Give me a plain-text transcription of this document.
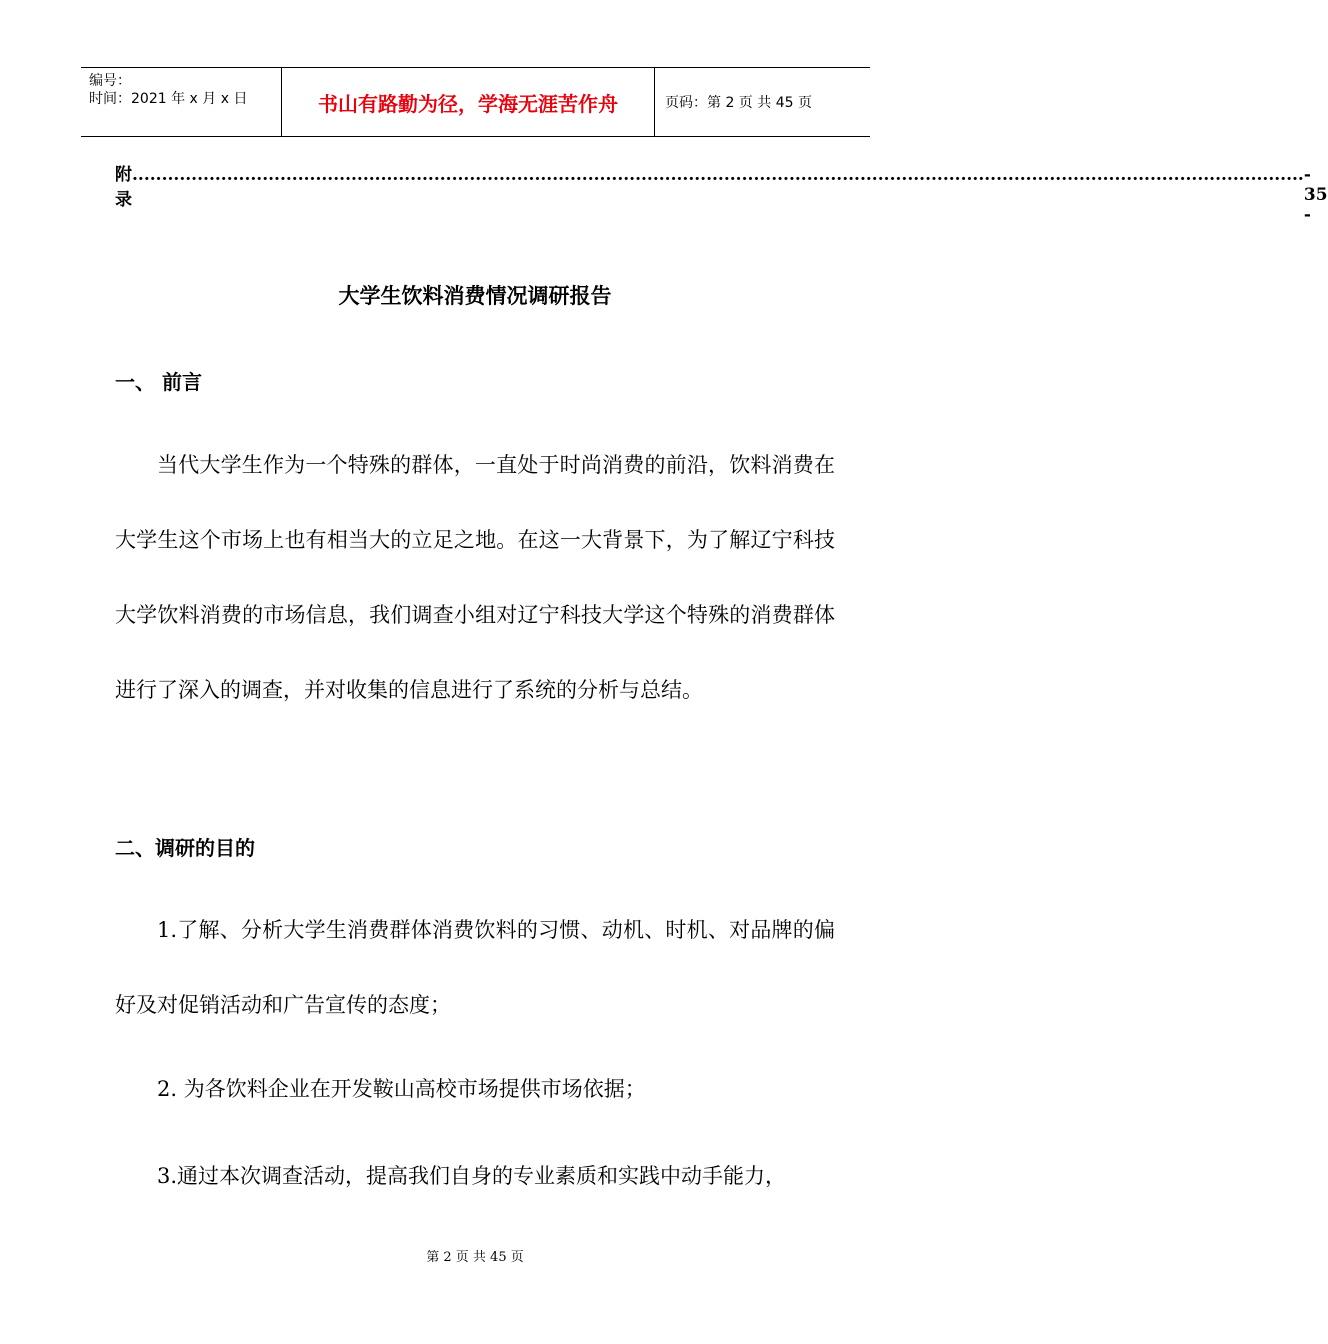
编号：
时间：2021 年 x 月 x 日	书山有路勤为径，学海无涯苦作舟	页码：第 2 页 共 45 页
附录
...................................................................................................................................................................................................... - 35 -
大学生饮料消费情况调研报告
一、 前言

当代大学生作为一个特殊的群体，一直处于时尚消费的前沿，饮料消费在大学生这个市场上也有相当大的立足之地。在这一大背景下，为了解辽宁科技大学饮料消费的市场信息，我们调查小组对辽宁科技大学这个特殊的消费群体进行了深入的调查，并对收集的信息进行了系统的分析与总结。

二、调研的目的

1.了解、分析大学生消费群体消费饮料的习惯、动机、时机、对品牌的偏好及对促销活动和广告宣传的态度；

2. 为各饮料企业在开发鞍山高校市场提供市场依据；

3.通过本次调查活动，提高我们自身的专业素质和实践中动手能力，

第 2 页 共 45 页
